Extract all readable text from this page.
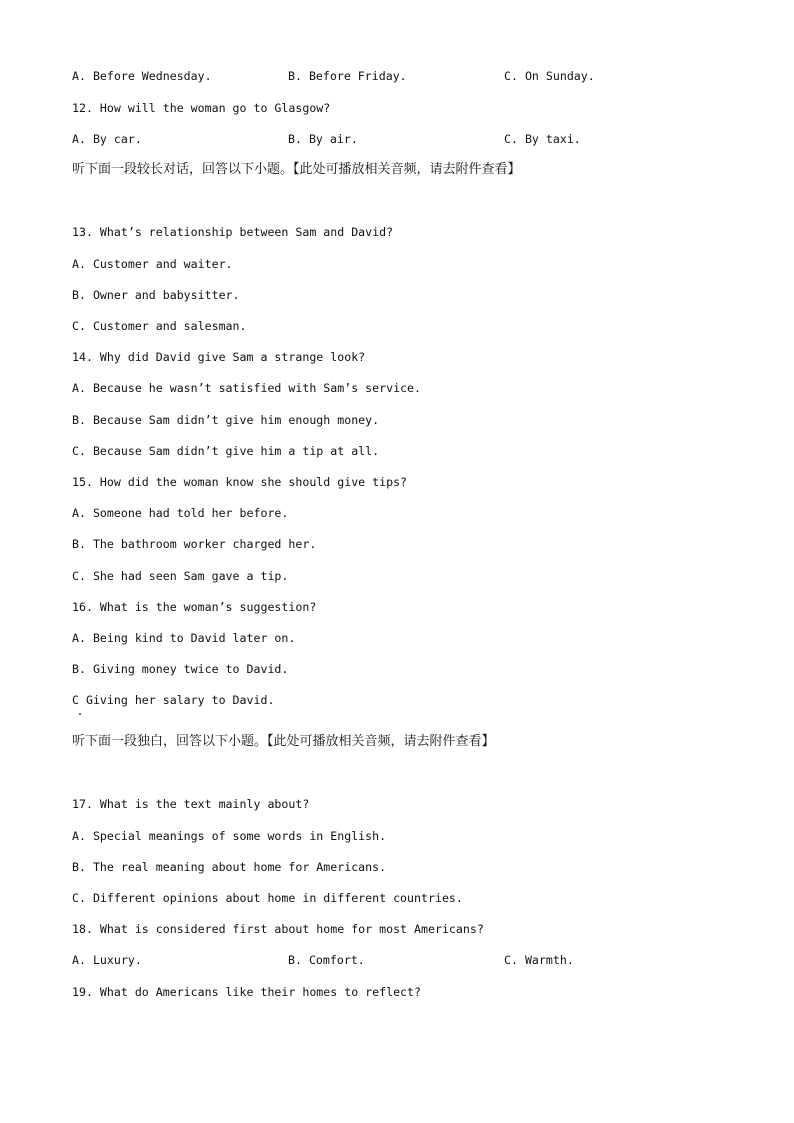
A. Before Wednesday.	B. Before Friday.	C. On Sunday.
12. How will the woman go to Glasgow?
A. By car.	B. By air.	C. By taxi.
听下面一段较长对话，回答以下小题。【此处可播放相关音频，请去附件查看】
13. What’s relationship between Sam and David?
A. Customer and waiter.
B. Owner and babysitter.
C. Customer and salesman.
14. Why did David give Sam a strange look?
A. Because he wasn’t satisfied with Sam’s service.
B. Because Sam didn’t give him enough money.
C. Because Sam didn’t give him a tip at all.
15. How did the woman know she should give tips?
A. Someone had told her before.
B. The bathroom worker charged her.
C. She had seen Sam gave a tip.
16. What is the woman’s suggestion?
A. Being kind to David later on.
B. Giving money twice to David.
C Giving her salary to David.
听下面一段独白，回答以下小题。【此处可播放相关音频，请去附件查看】
17. What is the text mainly about?
A. Special meanings of some words in English.
B. The real meaning about home for Americans.
C. Different opinions about home in different countries.
18. What is considered first about home for most Americans?
A. Luxury.	B. Comfort.	C. Warmth.
19. What do Americans like their homes to reflect?
